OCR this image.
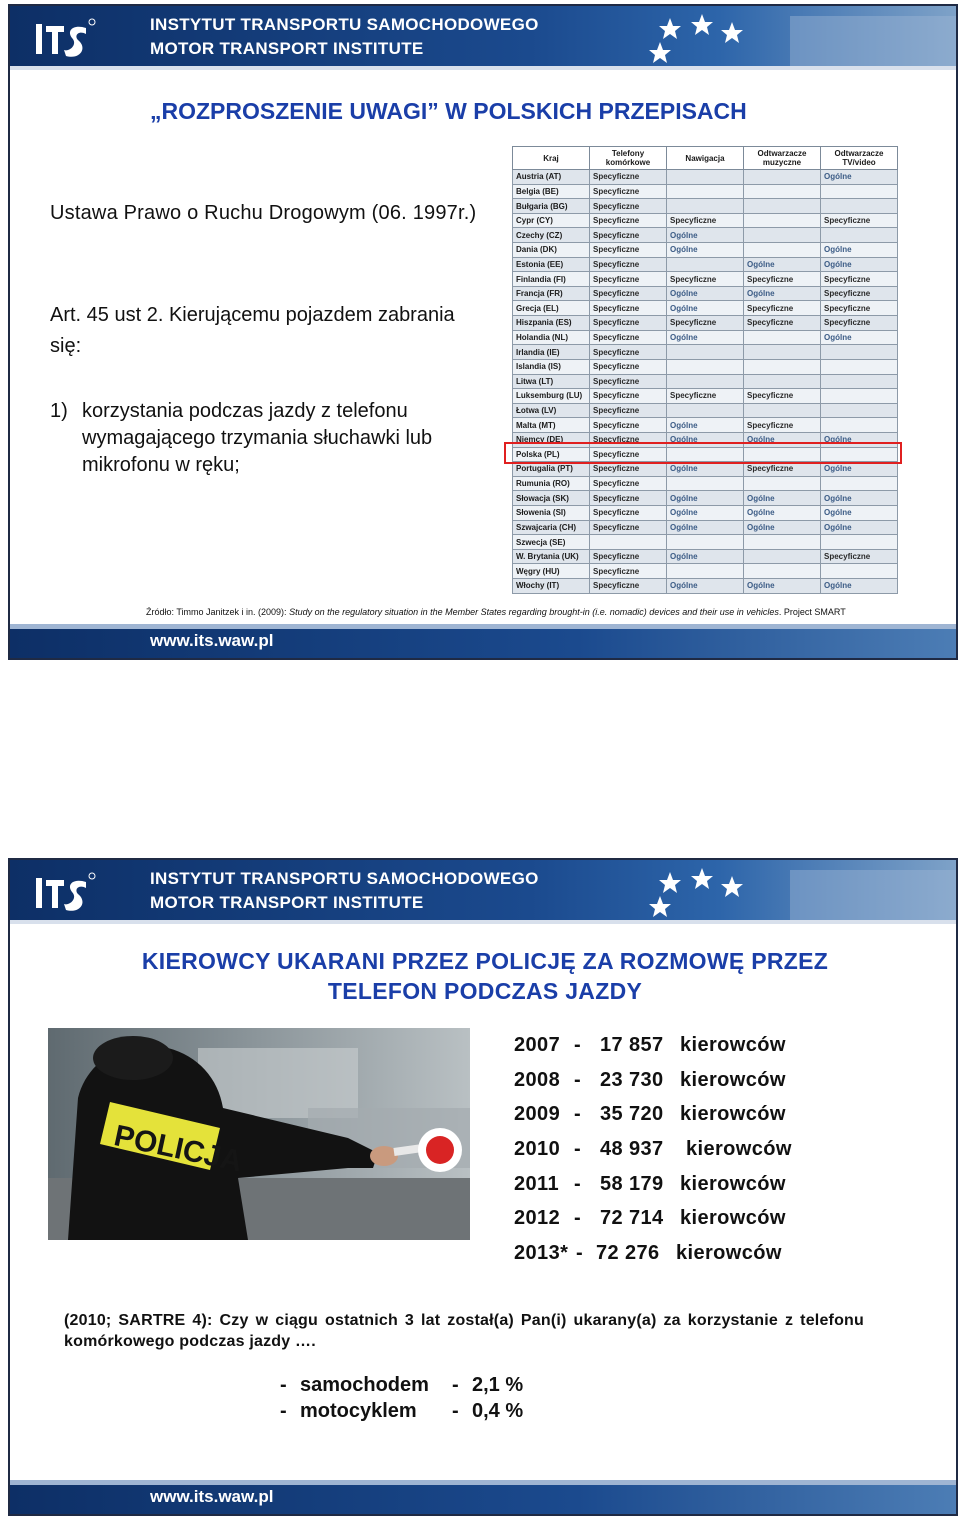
INSTYTUT TRANSPORTU SAMOCHODOWEGO
MOTOR TRANSPORT INSTITUTE
„ROZPROSZENIE UWAGI” W POLSKICH PRZEPISACH
Ustawa Prawo o Ruchu Drogowym (06. 1997r.)
Art. 45 ust 2. Kierującemu pojazdem zabrania się:
1) korzystania podczas jazdy z telefonu wymagającego trzymania słuchawki lub mikrofonu w ręku;
Kraj	Telefony komórkowe	Nawigacja	Odtwarzacze muzyczne	Odtwarzacze TV/video
Austria (AT)	Specyficzne			Ogólne
Belgia (BE)	Specyficzne			
Bułgaria (BG)	Specyficzne			
Cypr (CY)	Specyficzne	Specyficzne		Specyficzne
Czechy (CZ)	Specyficzne	Ogólne		
Dania (DK)	Specyficzne	Ogólne		Ogólne
Estonia (EE)	Specyficzne		Ogólne	Ogólne
Finlandia (FI)	Specyficzne	Specyficzne	Specyficzne	Specyficzne
Francja (FR)	Specyficzne	Ogólne	Ogólne	Specyficzne
Grecja (EL)	Specyficzne	Ogólne	Specyficzne	Specyficzne
Hiszpania (ES)	Specyficzne	Specyficzne	Specyficzne	Specyficzne
Holandia (NL)	Specyficzne	Ogólne		Ogólne
Irlandia (IE)	Specyficzne			
Islandia (IS)	Specyficzne			
Litwa (LT)	Specyficzne			
Luksemburg (LU)	Specyficzne	Specyficzne	Specyficzne	
Łotwa (LV)	Specyficzne			
Malta (MT)	Specyficzne	Ogólne	Specyficzne	
Niemcy (DE)	Specyficzne	Ogólne	Ogólne	Ogólne
Polska (PL)	Specyficzne			
Portugalia (PT)	Specyficzne	Ogólne	Specyficzne	Ogólne
Rumunia (RO)	Specyficzne			
Słowacja (SK)	Specyficzne	Ogólne	Ogólne	Ogólne
Słowenia (SI)	Specyficzne	Ogólne	Ogólne	Ogólne
Szwajcaria (CH)	Specyficzne	Ogólne	Ogólne	Ogólne
Szwecja (SE)				
W. Brytania (UK)	Specyficzne	Ogólne		Specyficzne
Węgry (HU)	Specyficzne			
Włochy (IT)	Specyficzne	Ogólne	Ogólne	Ogólne
Źródło: Timmo Janitzek i in. (2009): Study on the regulatory situation in the Member States regarding brought-in (i.e. nomadic) devices and their use in vehicles. Project SMART
www.its.waw.pl
INSTYTUT TRANSPORTU SAMOCHODOWEGO
MOTOR TRANSPORT INSTITUTE
KIEROWCY UKARANI PRZEZ POLICJĘ ZA ROZMOWĘ PRZEZ
TELEFON PODCZAS JAZDY
POLICJA
2007 - 17 857 kierowców
2008 - 23 730 kierowców
2009 - 35 720 kierowców
2010 - 48 937 kierowców
2011 - 58 179 kierowców
2012 - 72 714 kierowców
2013* - 72 276 kierowców
(2010; SARTRE 4): Czy w ciągu ostatnich 3 lat został(a) Pan(i) ukarany(a) za korzystanie z telefonu komórkowego podczas jazdy ….
- samochodem - 2,1 %
- motocyklem - 0,4 %
www.its.waw.pl
